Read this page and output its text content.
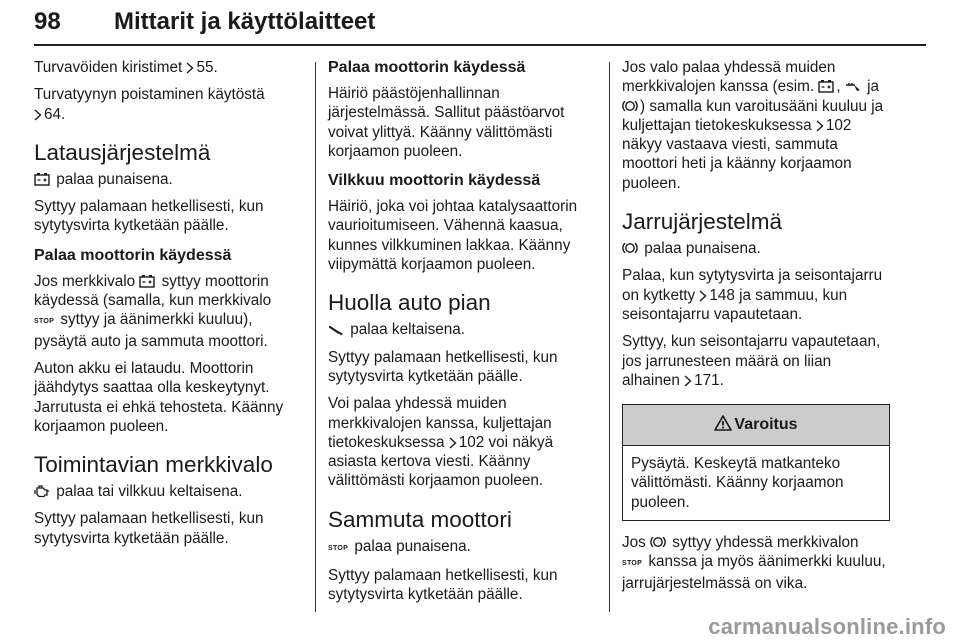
98 Mittarit ja käyttölaitteet

Turvavöiden kiristimet 55.

Turvatyynyn poistaminen käytöstä
64.

Latausjärjestelmä

palaa punaisena.

Syttyy palamaan hetkellisesti, kun sytytysvirta kytketään päälle.

Palaa moottorin käydessä

Jos merkkivalo  syttyy moottorin käydessä (samalla, kun merkkivalo
STOP syttyy ja äänimerkki kuuluu), pysäytä auto ja sammuta moottori.

Auton akku ei lataudu. Moottorin jäähdytys saattaa olla keskeytynyt. Jarrutusta ei ehkä tehosteta. Käänny korjaamon puoleen.

Toimintavian merkkivalo

palaa tai vilkkuu keltaisena.

Syttyy palamaan hetkellisesti, kun sytytysvirta kytketään päälle.

Palaa moottorin käydessä

Häiriö päästöjenhallinnan järjestelmässä. Sallitut päästöarvot voivat ylittyä. Käänny välittömästi korjaamon puoleen.

Vilkkuu moottorin käydessä

Häiriö, joka voi johtaa katalysaattorin vaurioitumiseen. Vähennä kaasua, kunnes vilkkuminen lakkaa. Käänny viipymättä korjaamon puoleen.

Huolla auto pian

palaa keltaisena.

Syttyy palamaan hetkellisesti, kun sytytysvirta kytketään päälle.

Voi palaa yhdessä muiden merkkivalojen kanssa, kuljettajan tietokeskuksessa 102 voi näkyä asiasta kertova viesti. Käänny välittömästi korjaamon puoleen.

Sammuta moottori

STOP palaa punaisena.

Syttyy palamaan hetkellisesti, kun sytytysvirta kytketään päälle.

Jos valo palaa yhdessä muiden merkkivalojen kanssa (esim. ,  ja ) samalla kun varoitusääni kuuluu ja kuljettajan tietokeskuksessa 102 näkyy vastaava viesti, sammuta moottori heti ja käänny korjaamon puoleen.

Jarrujärjestelmä

palaa punaisena.

Palaa, kun sytytysvirta ja seisontajarru on kytketty 148 ja sammuu, kun seisontajarru vapautetaan.

Syttyy, kun seisontajarru vapautetaan, jos jarrunesteen määrä on liian alhainen 171.

Varoitus

Pysäytä. Keskeytä matkanteko välittömästi. Käänny korjaamon puoleen.

Jos  syttyy yhdessä merkkivalon
STOP kanssa ja myös äänimerkki kuuluu, jarrujärjestelmässä on vika.

carmanualsonline.info
